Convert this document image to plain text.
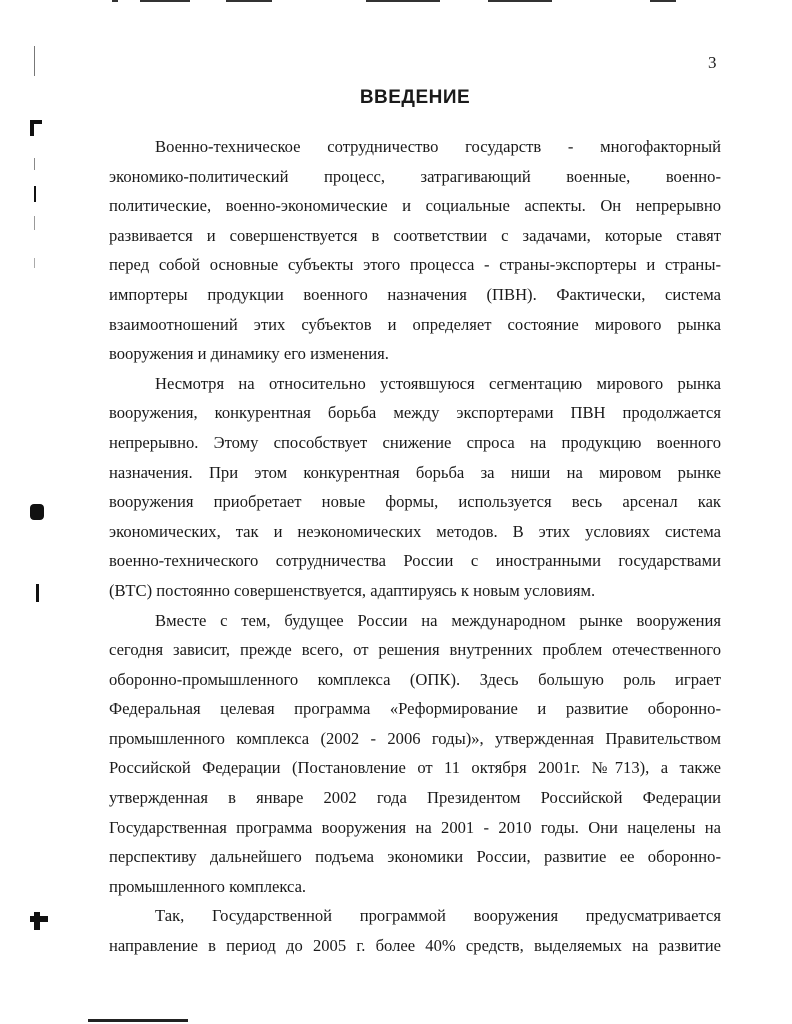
3
ВВЕДЕНИЕ
Военно-техническое сотрудничество государств - многофакторный
экономико-политический процесс, затрагивающий военные, военно-
политические, военно-экономические и социальные аспекты. Он непрерывно
развивается и совершенствуется в соответствии с задачами, которые ставят
перед собой основные субъекты этого процесса - страны-экспортеры и страны-
импортеры продукции военного назначения (ПВН). Фактически, система
взаимоотношений этих субъектов и определяет состояние мирового рынка
вооружения и динамику его изменения.
Несмотря на относительно устоявшуюся сегментацию мирового рынка
вооружения, конкурентная борьба между экспортерами ПВН продолжается
непрерывно. Этому способствует снижение спроса на продукцию военного
назначения. При этом конкурентная борьба за ниши на мировом рынке
вооружения приобретает новые формы, используется весь арсенал как
экономических, так и неэкономических методов. В этих условиях система
военно-технического сотрудничества России с иностранными государствами
(ВТС) постоянно совершенствуется, адаптируясь к новым условиям.
Вместе с тем, будущее России на международном рынке вооружения
сегодня зависит, прежде всего, от решения внутренних проблем отечественного
оборонно-промышленного комплекса (ОПК). Здесь большую роль играет
Федеральная целевая программа «Реформирование и развитие оборонно-
промышленного комплекса (2002 - 2006 годы)», утвержденная Правительством
Российской Федерации (Постановление от 11 октября 2001г. №713), а также
утвержденная в январе 2002 года Президентом Российской Федерации
Государственная программа вооружения на 2001 - 2010 годы. Они нацелены на
перспективу дальнейшего подъема экономики России, развитие ее оборонно-
промышленного комплекса.
Так, Государственной программой вооружения предусматривается
направление в период до 2005 г. более 40% средств, выделяемых на развитие
